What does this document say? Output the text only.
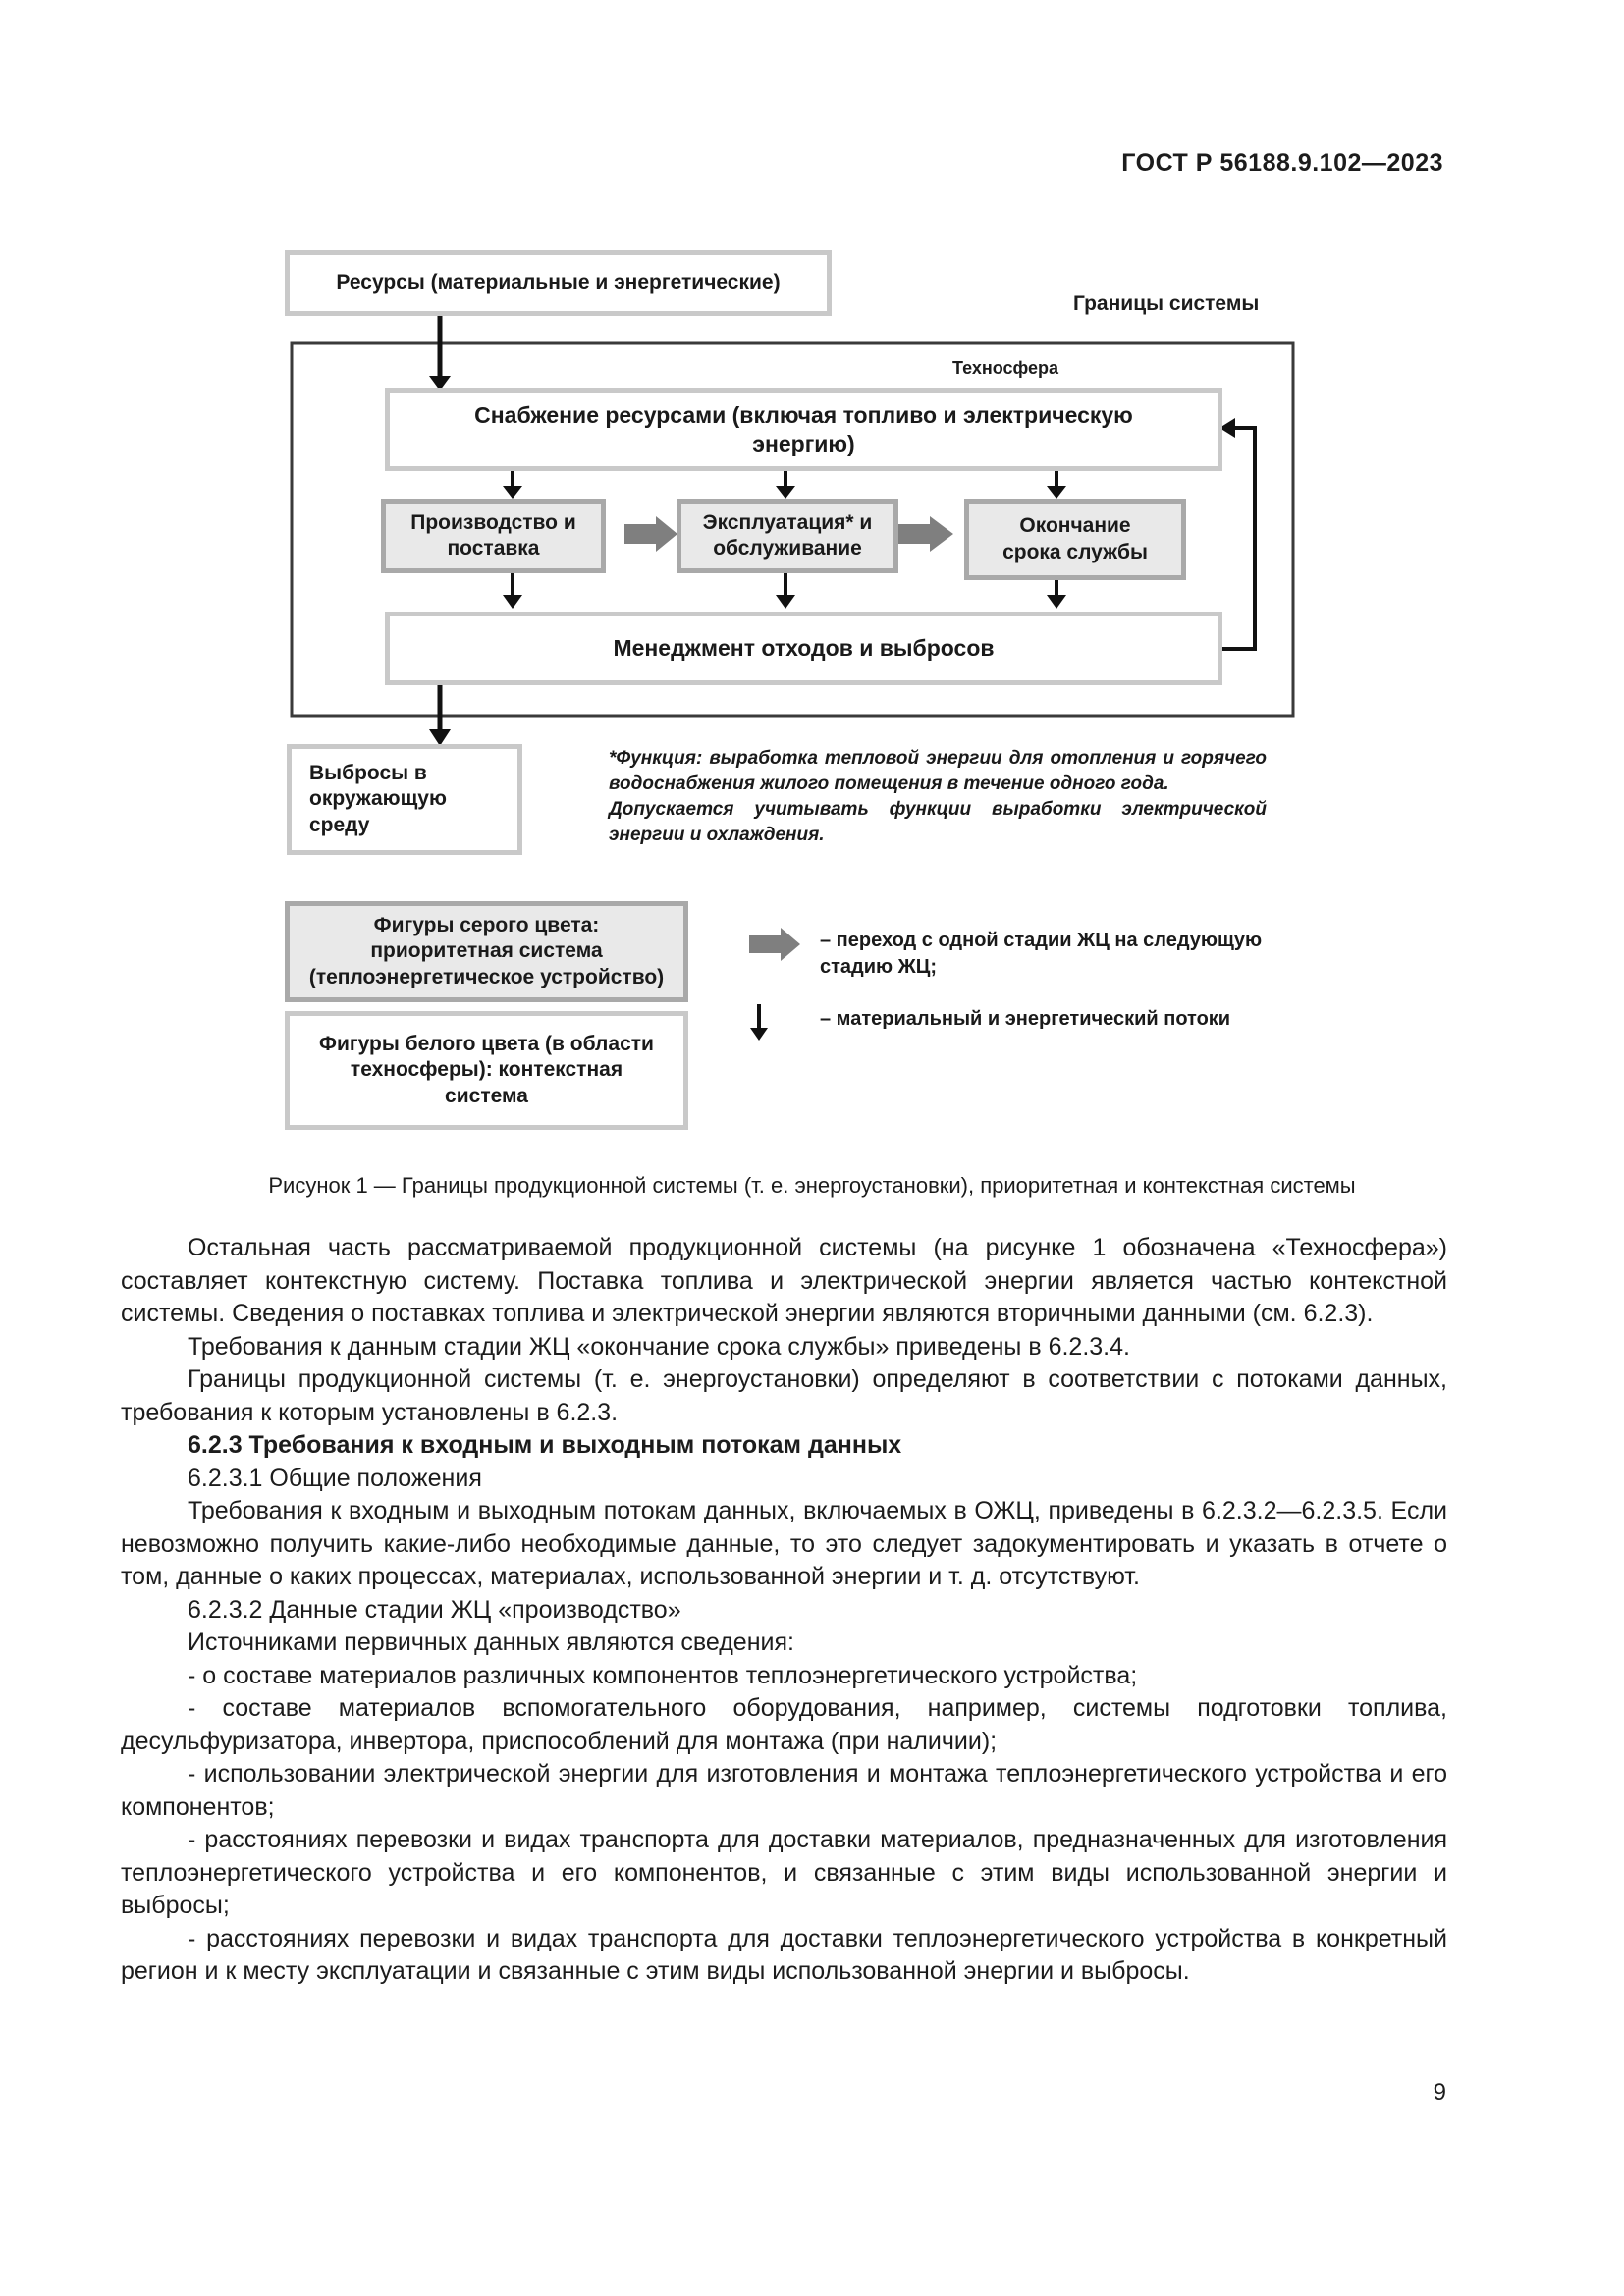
ГОСТ Р 56188.9.102—2023
Ресурсы (материальные и энергетические)
Границы системы
Техносфера
Снабжение ресурсами (включая топливо и электрическую энергию)
Производство и поставка
Эксплуатация* и обслуживание
Окончание срока службы
Менеджмент отходов и выбросов
Выбросы в окружающую среду

*Функция: выработка тепловой энергии для отопления и горячего водоснабжения жилого помещения в течение одного года.

Допускается учитывать функции выработки электрической энергии и охлаждения.

Фигуры серого цвета: приоритетная система (теплоэнергетическое устройство)
Фигуры белого цвета (в области техносферы): контекстная система
– переход с одной стадии ЖЦ на следующую стадию ЖЦ;
– материальный и энергетический потоки
Рисунок 1 — Границы продукционной системы (т. е. энергоустановки), приоритетная и контекстная системы

Остальная часть рассматриваемой продукционной системы (на рисунке 1 обозначена «Техносфера») составляет контекстную систему. Поставка топлива и электрической энергии является частью контекстной системы. Сведения о поставках топлива и электрической энергии являются вторичными данными (см. 6.2.3).

Требования к данным стадии ЖЦ «окончание срока службы» приведены в 6.2.3.4.

Границы продукционной системы (т. е. энергоустановки) определяют в соответствии с потоками данных, требования к которым установлены в 6.2.3.

6.2.3 Требования к входным и выходным потокам данных

6.2.3.1 Общие положения

Требования к входным и выходным потокам данных, включаемых в ОЖЦ, приведены в 6.2.3.2—6.2.3.5. Если невозможно получить какие-либо необходимые данные, то это следует задокументировать и указать в отчете о том, данные о каких процессах, материалах, использованной энергии и т. д. отсутствуют.

6.2.3.2 Данные стадии ЖЦ «производство»

Источниками первичных данных являются сведения:

- о составе материалов различных компонентов теплоэнергетического устройства;

- составе материалов вспомогательного оборудования, например, системы подготовки топлива, десульфуризатора, инвертора, приспособлений для монтажа (при наличии);

- использовании электрической энергии для изготовления и монтажа теплоэнергетического устройства и его компонентов;

- расстояниях перевозки и видах транспорта для доставки материалов, предназначенных для изготовления теплоэнергетического устройства и его компонентов, и связанные с этим виды использованной энергии и выбросы;

- расстояниях перевозки и видах транспорта для доставки теплоэнергетического устройства в конкретный регион и к месту эксплуатации и связанные с этим виды использованной энергии и выбросы.

9
